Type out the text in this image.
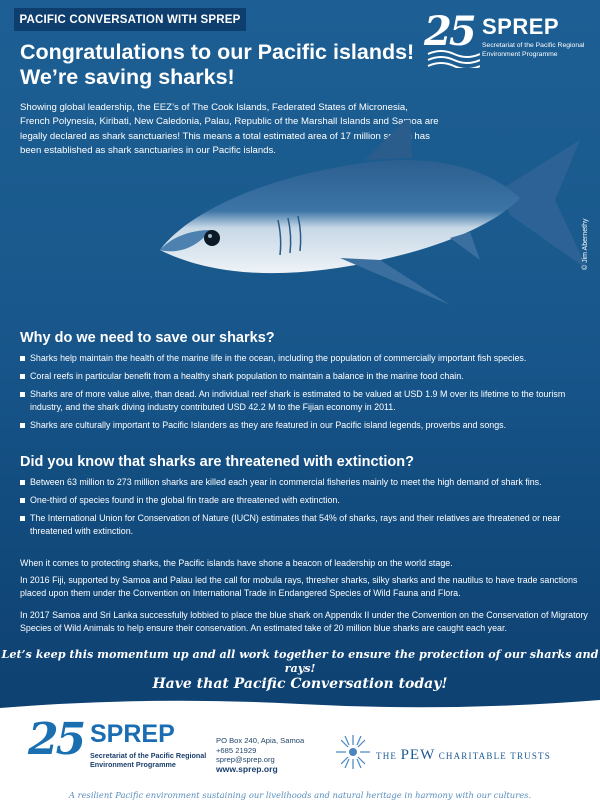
PACIFIC CONVERSATION WITH SPREP
Congratulations to our Pacific islands!
We’re saving sharks!

Showing global leadership, the EEZ’s of The Cook Islands, Federated States of Micronesia, French Polynesia, Kiribati, New Caledonia, Palau, Republic of the Marshall Islands and Samoa are legally declared as shark sanctuaries! This means a total estimated area of 17 million sq. km has been established as shark sanctuaries in our Pacific islands.

25 SPREP
Secretariat of the Pacific Regional Environment Programme
© Jim Abernethy
Why do we need to save our sharks?
Sharks help maintain the health of the marine life in the ocean, including the population of commercially important fish species.
Coral reefs in particular benefit from a healthy shark population to maintain a balance in the marine food chain.
Sharks are of more value alive, than dead. An individual reef shark is estimated to be valued at USD 1.9 M over its lifetime to the tourism industry, and the shark diving industry contributed USD 42.2 M to the Fijian economy in 2011.
Sharks are culturally important to Pacific Islanders as they are featured in our Pacific island legends, proverbs and songs.
Did you know that sharks are threatened with extinction?
Between 63 million to 273 million sharks are killed each year in commercial fisheries mainly to meet the high demand of shark fins.
One-third of species found in the global fin trade are threatened with extinction.
The International Union for Conservation of Nature (IUCN) estimates that 54% of sharks, rays and their relatives are threatened or near threatened with extinction.

When it comes to protecting sharks, the Pacific islands have shone a beacon of leadership on the world stage.

In 2016 Fiji, supported by Samoa and Palau led the call for mobula rays, thresher sharks, silky sharks and the nautilus to have trade sanctions placed upon them under the Convention on International Trade in Endangered Species of Wild Fauna and Flora.

In 2017 Samoa and Sri Lanka successfully lobbied to place the blue shark on Appendix II under the Convention on the Conservation of Migratory Species of Wild Animals to help ensure their conservation. An estimated take of 20 million blue sharks are caught each year.

Let’s keep this momentum up and all work together to ensure the protection of our sharks and rays!
Have that Pacific Conversation today!
25 SPREP
Secretariat of the Pacific Regional Environment Programme
PO Box 240, Apia, Samoa
+685 21929
sprep@sprep.org
www.sprep.org
THE PEW CHARITABLE TRUSTS
A resilient Pacific environment sustaining our livelihoods and natural heritage in harmony with our cultures.
